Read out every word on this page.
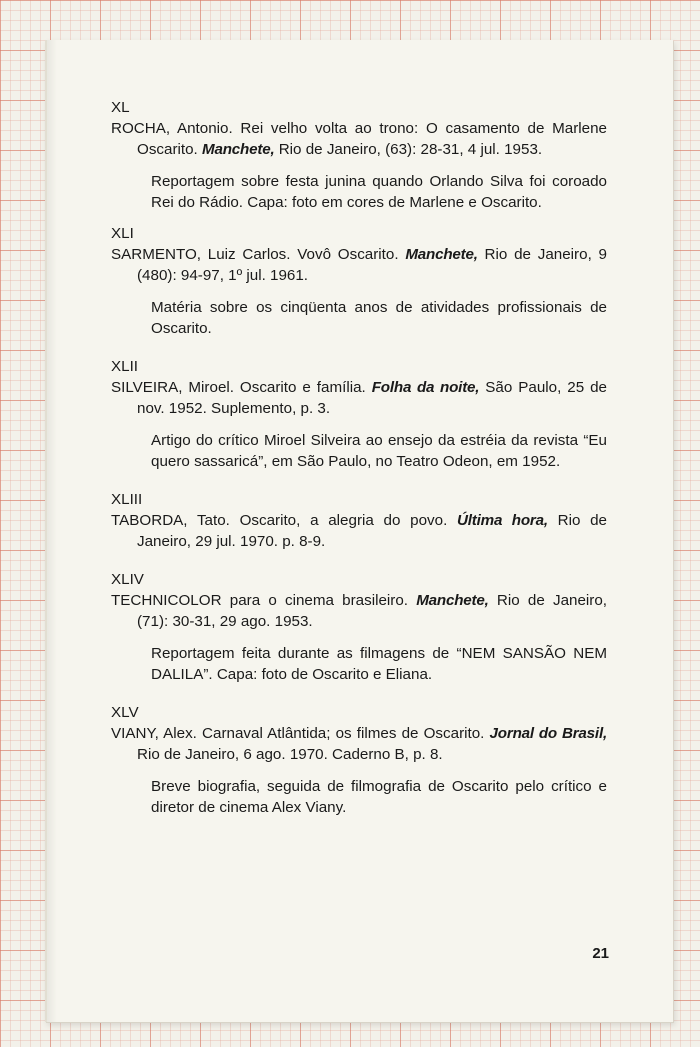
XL

ROCHA, Antonio. Rei velho volta ao trono: O casamento de Marlene Oscarito. Manchete, Rio de Janeiro, (63): 28-31, 4 jul. 1953.

Reportagem sobre festa junina quando Orlando Silva foi coroado Rei do Rádio. Capa: foto em cores de Marlene e Oscarito.

XLI

SARMENTO, Luiz Carlos. Vovô Oscarito. Manchete, Rio de Janeiro, 9 (480): 94-97, 1º jul. 1961.

Matéria sobre os cinqüenta anos de atividades profissionais de Oscarito.

XLII

SILVEIRA, Miroel. Oscarito e família. Folha da noite, São Paulo, 25 de nov. 1952. Suplemento, p. 3.

Artigo do crítico Miroel Silveira ao ensejo da estréia da revista “Eu quero sassaricá”, em São Paulo, no Teatro Odeon, em 1952.

XLIII

TABORDA, Tato. Oscarito, a alegria do povo. Última hora, Rio de Janeiro, 29 jul. 1970. p. 8-9.

XLIV

TECHNICOLOR para o cinema brasileiro. Manchete, Rio de Janeiro, (71): 30-31, 29 ago. 1953.

Reportagem feita durante as filmagens de “NEM SANSÃO NEM DALILA”. Capa: foto de Oscarito e Eliana.

XLV

VIANY, Alex. Carnaval Atlântida; os filmes de Oscarito. Jornal do Brasil, Rio de Janeiro, 6 ago. 1970. Caderno B, p. 8.

Breve biografia, seguida de filmografia de Oscarito pelo crítico e diretor de cinema Alex Viany.

21
